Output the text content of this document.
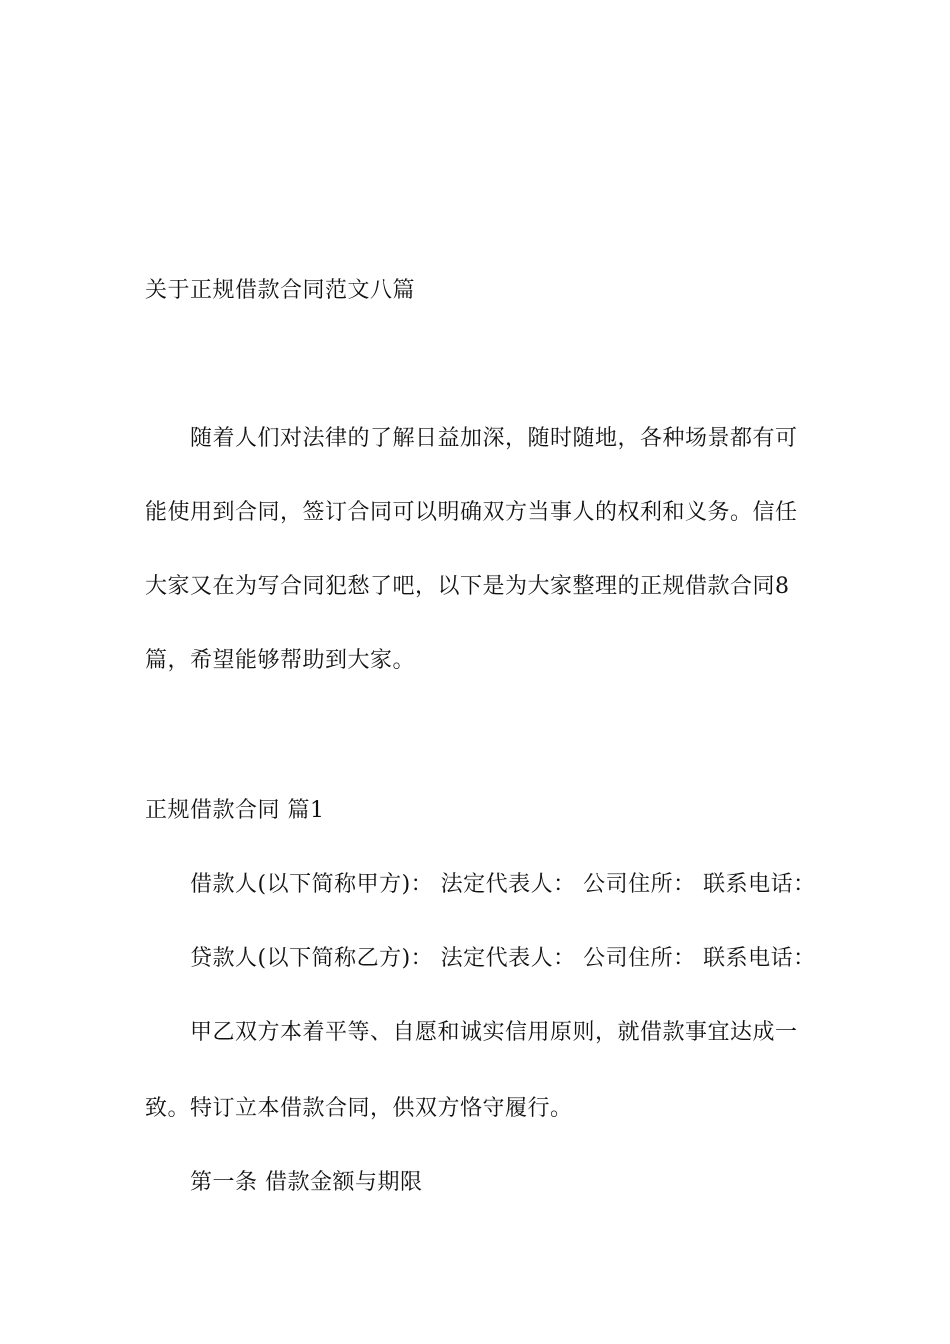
关于正规借款合同范文八篇
随着人们对法律的了解日益加深，随时随地，各种场景都有可
能使用到合同，签订合同可以明确双方当事人的权利和义务。信任
大家又在为写合同犯愁了吧，以下是为大家整理的正规借款合同8
篇，希望能够帮助到大家。
正规借款合同 篇1
借款人(以下简称甲方)： 法定代表人： 公司住所： 联系电话：
贷款人(以下简称乙方)： 法定代表人： 公司住所： 联系电话：
甲乙双方本着平等、自愿和诚实信用原则，就借款事宜达成一
致。特订立本借款合同，供双方恪守履行。
第一条 借款金额与期限
